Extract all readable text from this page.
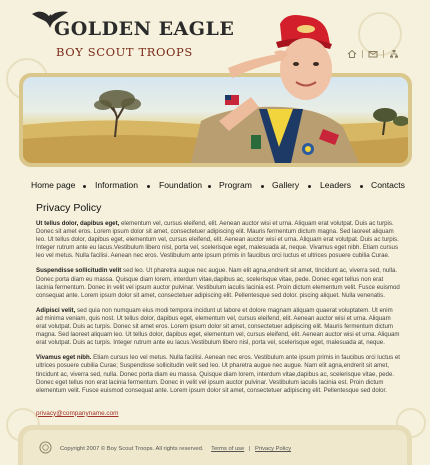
GOLDEN EAGLE
BOY SCOUT TROOPS
Home page Information Foundation Program Gallery Leaders Contacts
Privacy Policy

Ut tellus dolor, dapibus eget, elementum vel, cursus eleifend, elit. Aenean auctor wisi et urna. Aliquam erat volutpat. Duis ac turpis. Donec sit amet eros. Lorem ipsum dolor sit amet, consectetuer adipiscing elit. Mauris fermentum dictum magna. Sed laoreet aliquam leo. Ut tellus dolor, dapibus eget, elementum vel, cursus eleifend, elit. Aenean auctor wisi et urna. Aliquam erat volutpat. Duis ac turpis. Integer rutrum ante eu lacus.Vestibulum libero nisl, porta vel, scelerisque eget, malesuada at, neque. Vivamus eget nibh. Etiam cursus leo vel metus. Nulla facilisi. Aenean nec eros. Vestibulum ante ipsum primis in faucibus orci luctus et ultrices posuere cubilia Curae.

Suspendisse sollicitudin velit sed leo. Ut pharetra augue nec augue. Nam elit agna,endrerit sit amet, tincidunt ac, viverra sed, nulla. Donec porta diam eu massa. Quisque diam lorem, interdum vitae,dapibus ac, scelerisque vitae, pede. Donec eget tellus non erat lacinia fermentum. Donec in velit vel ipsum auctor pulvinar. Vestibulum iaculis lacinia est. Proin dictum elementum velit. Fusce euismod consequat ante. Lorem ipsum dolor sit amet, consectetuer adipiscing elit. Pellentesque sed dolor. piscing aliquet. Nulla venenatis.

Adipisci velit, sed quia non numquam eius modi tempora incidunt ut labore et dolore magnam aliquam quaerat voluptatem. Ut enim ad minima veniam, quis nost. Ut tellus dolor, dapibus eget, elementum vel, cursus eleifend, elit. Aenean auctor wisi et urna. Aliquam erat volutpat. Duis ac turpis. Donec sit amet eros. Lorem ipsum dolor sit amet, consectetuer adipiscing elit. Mauris fermentum dictum magna. Sed laoreet aliquam leo. Ut tellus dolor, dapibus eget, elementum vel, cursus eleifend, elit. Aenean auctor wisi et urna. Aliquam erat volutpat. Duis ac turpis. Integer rutrum ante eu lacus.Vestibulum libero nisl, porta vel, scelerisque eget, malesuada at, neque.

Vivamus eget nibh. Etiam cursus leo vel metus. Nulla facilisi. Aenean nec eros. Vestibulum ante ipsum primis in faucibus orci luctus et ultrices posuere cubilia Curae; Suspendisse sollicitudin velit sed leo. Ut pharetra augue nec augue. Nam elit agna,endrerit sit amet, tincidunt ac, viverra sed, nulla. Donec porta diam eu massa. Quisque diam lorem, interdum vitae,dapibus ac, scelerisque vitae, pede. Donec eget tellus non erat lacinia fermentum. Donec in velit vel ipsum auctor pulvinar. Vestibulum iaculis lacinia est. Proin dictum elementum velit. Fusce euismod consequat ante. Lorem ipsum dolor sit amet, consectetuer adipiscing elit. Pellentesque sed dolor.

privacy@companyname.com
Copyright 2007 © Boy Scout Troops. All rights reserved. Terms of use | Privacy Policy
